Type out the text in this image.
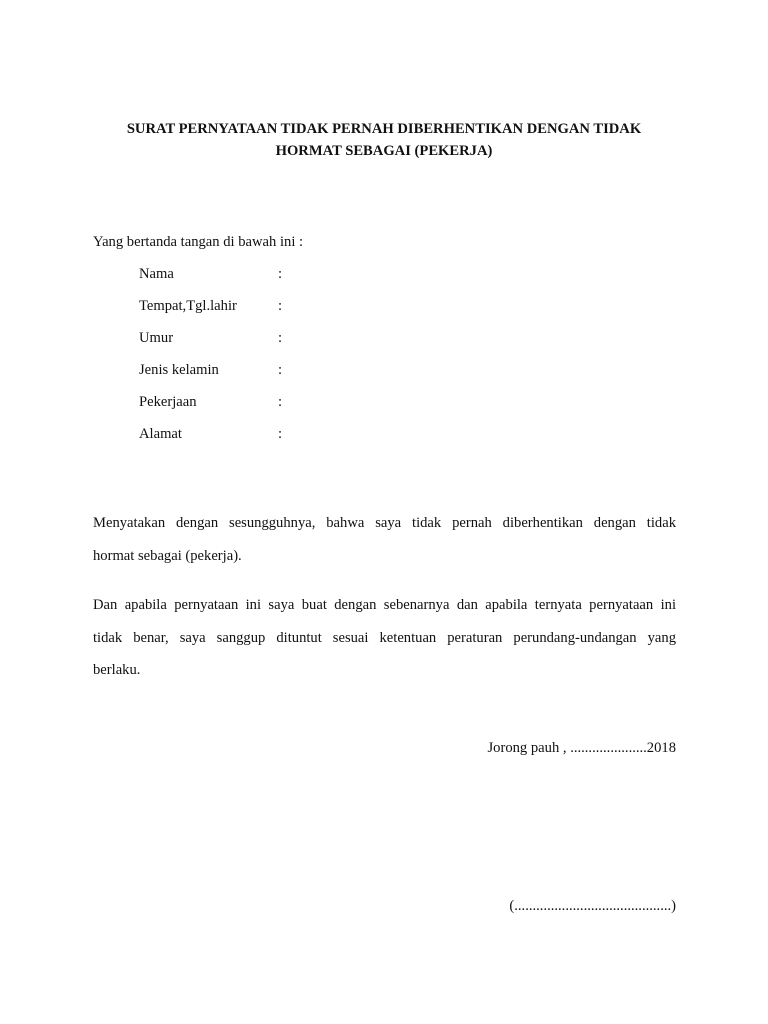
SURAT PERNYATAAN TIDAK PERNAH DIBERHENTIKAN DENGAN TIDAK
HORMAT SEBAGAI (PEKERJA)
Yang bertanda tangan di bawah ini :
Nama	:
Tempat,Tgl.lahir	:
Umur	:
Jenis kelamin	:
Pekerjaan	:
Alamat	:
Menyatakan dengan sesungguhnya, bahwa saya tidak pernah diberhentikan dengan tidak
hormat sebagai (pekerja).
Dan apabila pernyataan ini saya buat dengan sebenarnya dan apabila ternyata pernyataan ini
tidak benar, saya sanggup dituntut sesuai ketentuan peraturan perundang-undangan yang
berlaku.
Jorong pauh , .....................2018
(...........................................)
